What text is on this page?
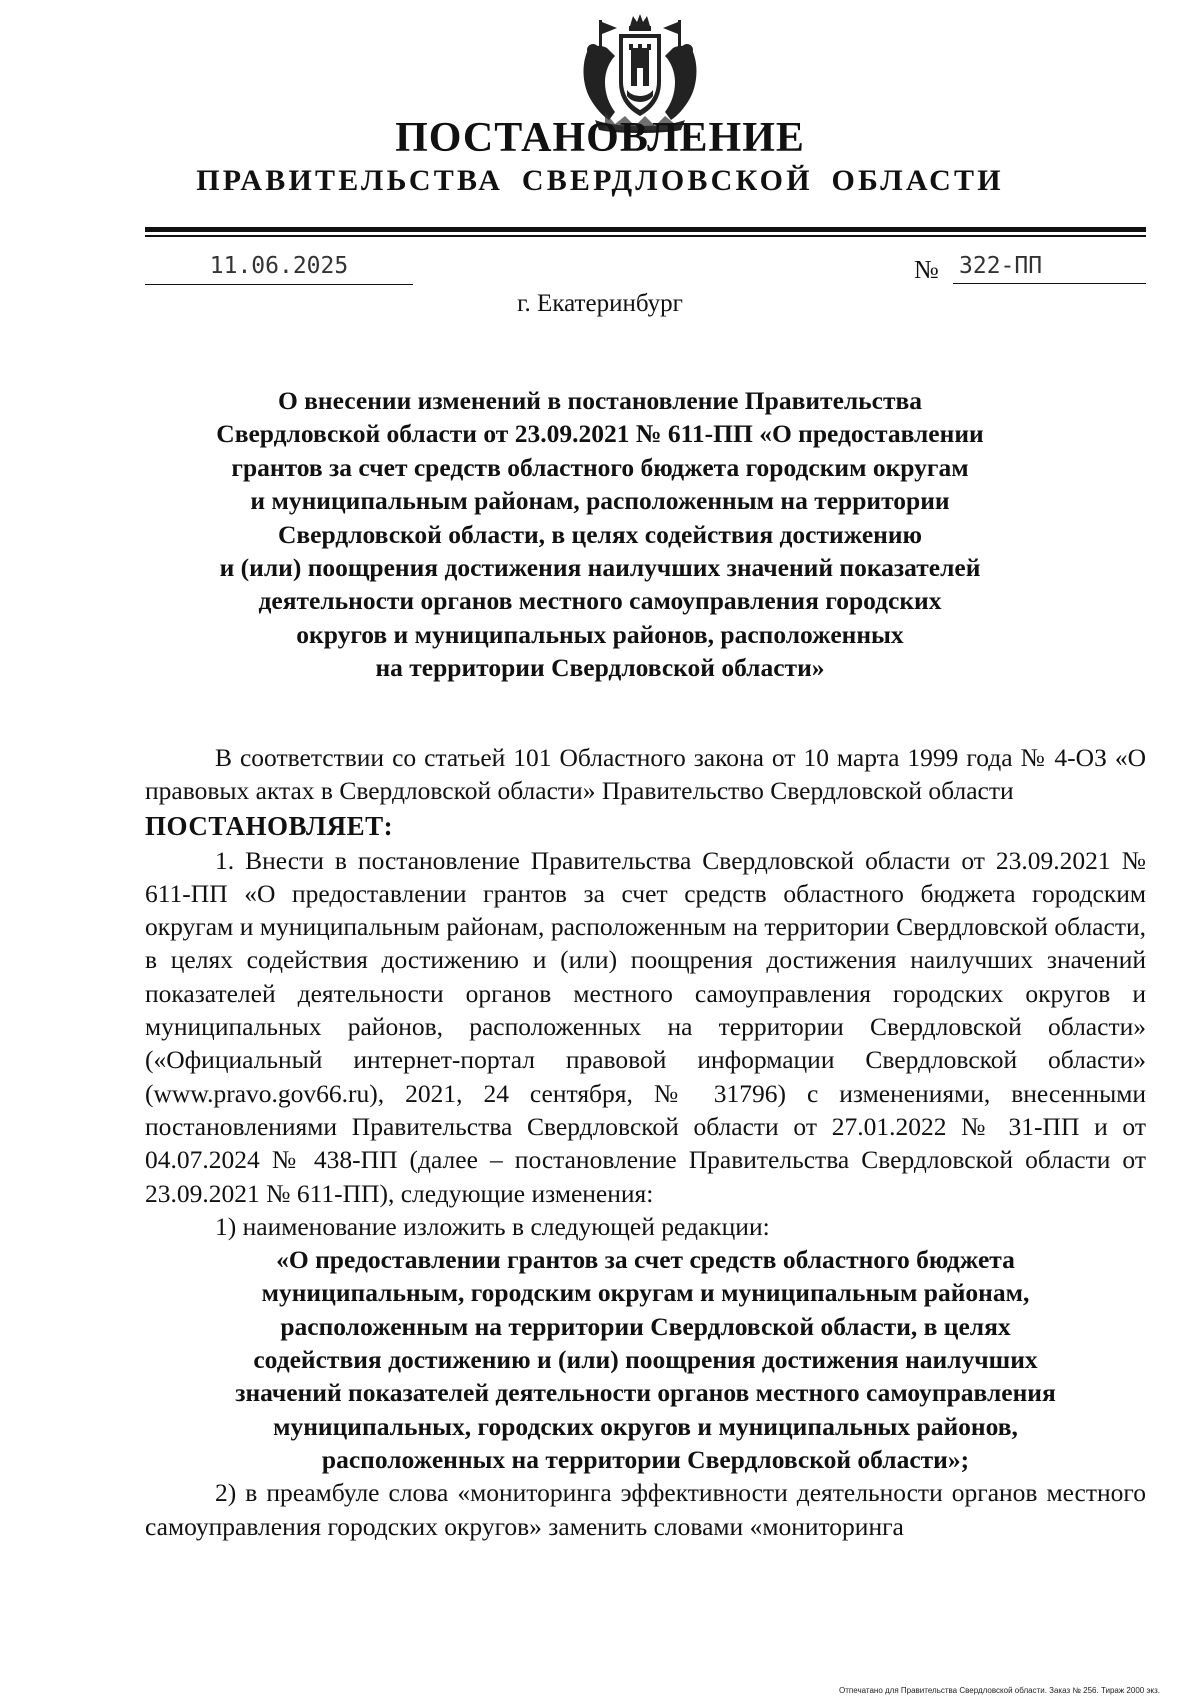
ПОСТАНОВЛЕНИЕ
ПРАВИТЕЛЬСТВА СВЕРДЛОВСКОЙ ОБЛАСТИ
11.06.2025	№ 322-ПП
г. Екатеринбург
О внесении изменений в постановление Правительства
Свердловской области от 23.09.2021 № 611-ПП «О предоставлении
грантов за счет средств областного бюджета городским округам
и муниципальным районам, расположенным на территории
Свердловской области, в целях содействия достижению
и (или) поощрения достижения наилучших значений показателей
деятельности органов местного самоуправления городских
округов и муниципальных районов, расположенных
на территории Свердловской области»

В соответствии со статьей 101 Областного закона от 10 марта 1999 года № 4-ОЗ «О правовых актах в Свердловской области» Правительство Свердловской области

ПОСТАНОВЛЯЕТ:

1. Внести в постановление Правительства Свердловской области от 23.09.2021 № 611-ПП «О предоставлении грантов за счет средств областного бюджета городским округам и муниципальным районам, расположенным на территории Свердловской области, в целях содействия достижению и (или) поощрения достижения наилучших значений показателей деятельности органов местного самоуправления городских округов и муниципальных районов, расположенных на территории Свердловской области» («Официальный интернет-портал правовой информации Свердловской области» (www.pravo.gov66.ru), 2021, 24 сентября, № 31796) с изменениями, внесенными постановлениями Правительства Свердловской области от 27.01.2022 № 31-ПП и от 04.07.2024 № 438-ПП (далее – постановление Правительства Свердловской области от 23.09.2021 № 611-ПП), следующие изменения:

1) наименование изложить в следующей редакции:

«О предоставлении грантов за счет средств областного бюджета
муниципальным, городским округам и муниципальным районам,
расположенным на территории Свердловской области, в целях
содействия достижению и (или) поощрения достижения наилучших
значений показателей деятельности органов местного самоуправления
муниципальных, городских округов и муниципальных районов,
расположенных на территории Свердловской области»;

2) в преамбуле слова «мониторинга эффективности деятельности органов местного самоуправления городских округов» заменить словами «мониторинга

Отпечатано для Правительства Свердловской области. Заказ № 256. Тираж 2000 экз.
